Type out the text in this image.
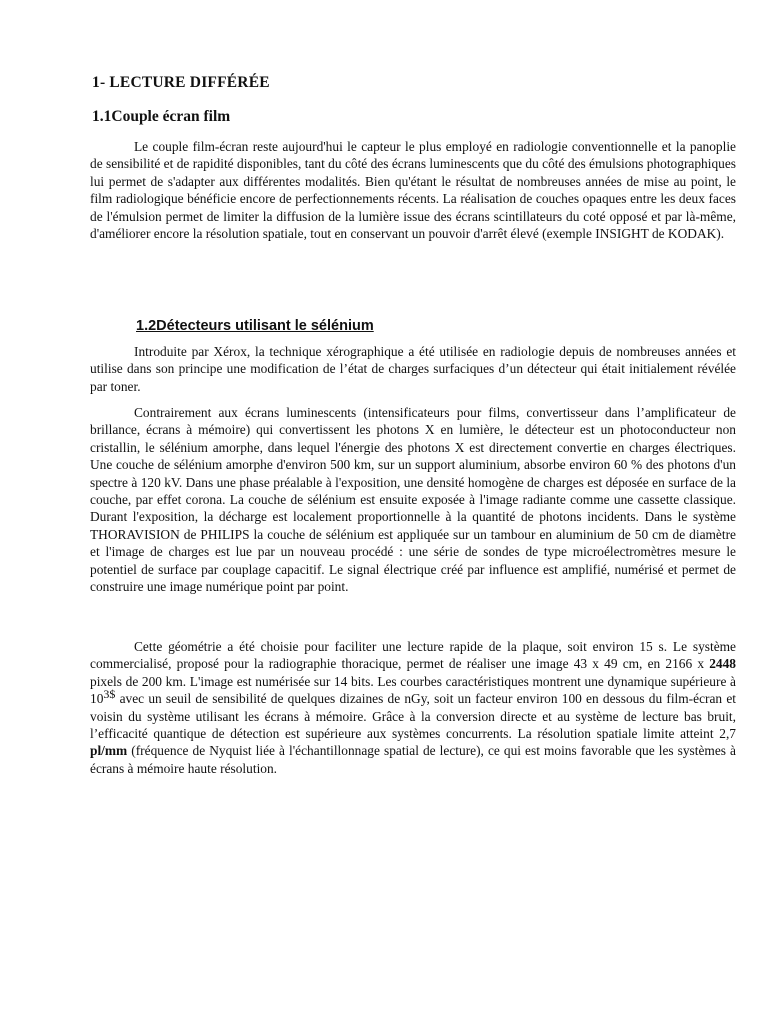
1- LECTURE DIFFÉRÉE
1.1Couple écran film

Le couple film-écran reste aujourd'hui le capteur le plus employé en radiologie conventionnelle et la panoplie de sensibilité et de rapidité disponibles, tant du côté des écrans luminescents que du côté des émulsions photographiques lui permet de s'adapter aux différentes modalités. Bien qu'étant le résultat de nombreuses années de mise au point, le film radiologique bénéficie encore de perfectionnements récents. La réalisation de couches opaques entre les deux faces de l'émulsion permet de limiter la diffusion de la lumière issue des écrans scintillateurs du coté opposé et par là-même, d'améliorer encore la résolution spatiale, tout en conservant un pouvoir d'arrêt élevé (exemple INSIGHT de KODAK).

1.2Détecteurs utilisant le sélénium

Introduite par Xérox, la technique xérographique a été utilisée en radiologie depuis de nombreuses années et utilise dans son principe une modification de l’état de charges surfaciques d’un détecteur qui était initialement révélée par toner.

Contrairement aux écrans luminescents (intensificateurs pour films, convertisseur dans l’amplificateur de brillance, écrans à mémoire) qui convertissent les photons X en lumière, le détecteur est un photoconducteur non cristallin, le sélénium amorphe, dans lequel l'énergie des photons X est directement convertie en charges électriques. Une couche de sélénium amorphe d'environ 500 km, sur un support aluminium, absorbe environ 60 % des photons d'un spectre à 120 kV. Dans une phase préalable à l'exposition, une densité homogène de charges est déposée en surface de la couche, par effet corona. La couche de sélénium est ensuite exposée à l'image radiante comme une cassette classique. Durant l'exposition, la décharge est localement proportionnelle à la quantité de photons incidents. Dans le système THORAVISION de PHILIPS la couche de sélénium est appliquée sur un tambour en aluminium de 50 cm de diamètre et l'image de charges est lue par un nouveau procédé : une série de sondes de type microélectromètres mesure le potentiel de surface par couplage capacitif. Le signal électrique créé par influence est amplifié, numérisé et permet de construire une image numérique point par point.

Cette géométrie a été choisie pour faciliter une lecture rapide de la plaque, soit environ 15 s. Le système commercialisé, proposé pour la radiographie thoracique, permet de réaliser une image 43 x 49 cm, en 2166 x 2448 pixels de 200 km. L'image est numérisée sur 14 bits. Les courbes caractéristiques montrent une dynamique supérieure à $10^{3\$}$ avec un seuil de sensibilité de quelques dizaines de nGy, soit un facteur environ 100 en dessous du film-écran et voisin du système utilisant les écrans à mémoire. Grâce à la conversion directe et au système de lecture bas bruit, l’efficacité quantique de détection est supérieure aux systèmes concurrents. La résolution spatiale limite atteint 2,7 pl/mm (fréquence de Nyquist liée à l'échantillonnage spatial de lecture), ce qui est moins favorable que les systèmes à écrans à mémoire haute résolution.
